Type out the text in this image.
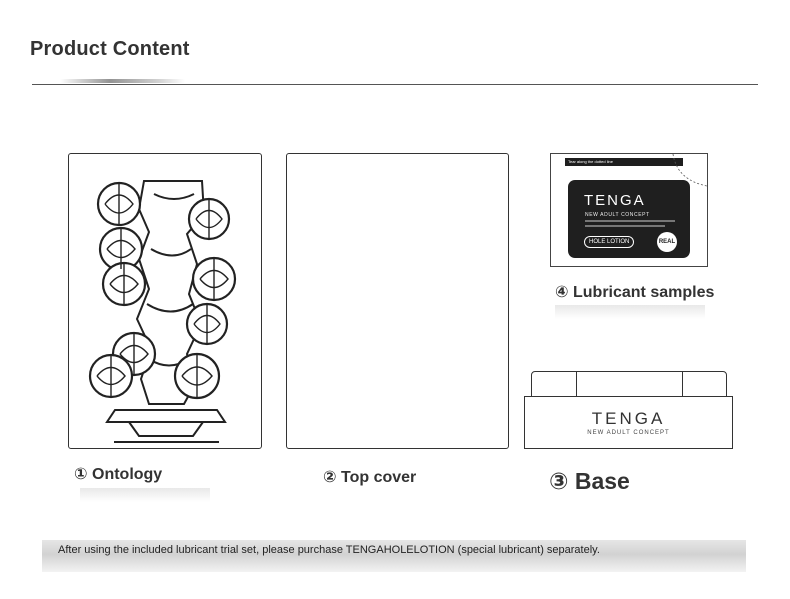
Product Content
① Ontology	② Top cover
Tear along the dotted line
TENGA
NEW ADULT CONCEPT
HOLE LOTION	REAL
④ Lubricant samples
TENGA
NEW ADULT CONCEPT
③ Base
After using the included lubricant trial set, please purchase TENGAHOLELOTION (special lubricant) separately.
